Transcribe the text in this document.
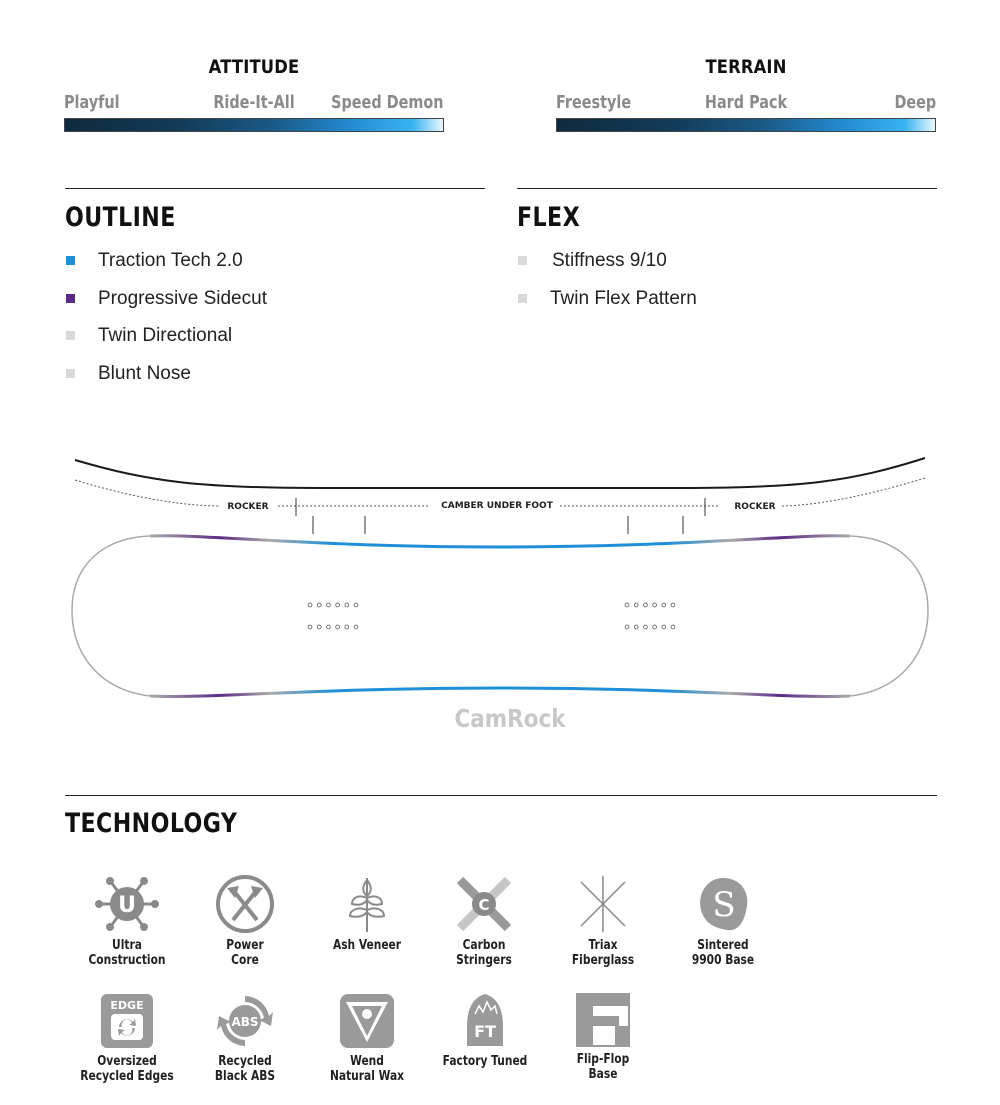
ATTITUDE
Playful	Ride-It-All Speed Demon
TERRAIN
Freestyle	Hard Pack	Deep
OUTLINE	FLEX
Traction Tech 2.0
Progressive Sidecut
Twin Directional
Blunt Nose
Stiffness 9/10
Twin Flex Pattern
ROCKER	CAMBER UNDER FOOT	ROCKER
CamRock
TECHNOLOGY
U
Ultra
Construction
Power
Core
Ash Veneer
C
Carbon
Stringers
Triax
Fiberglass
S
Sintered
9900 Base
EDGE
Oversized
Recycled Edges
ABS
Recycled
Black ABS
Wend
Natural Wax
FT
Factory Tuned	Flip-Flop
Base
